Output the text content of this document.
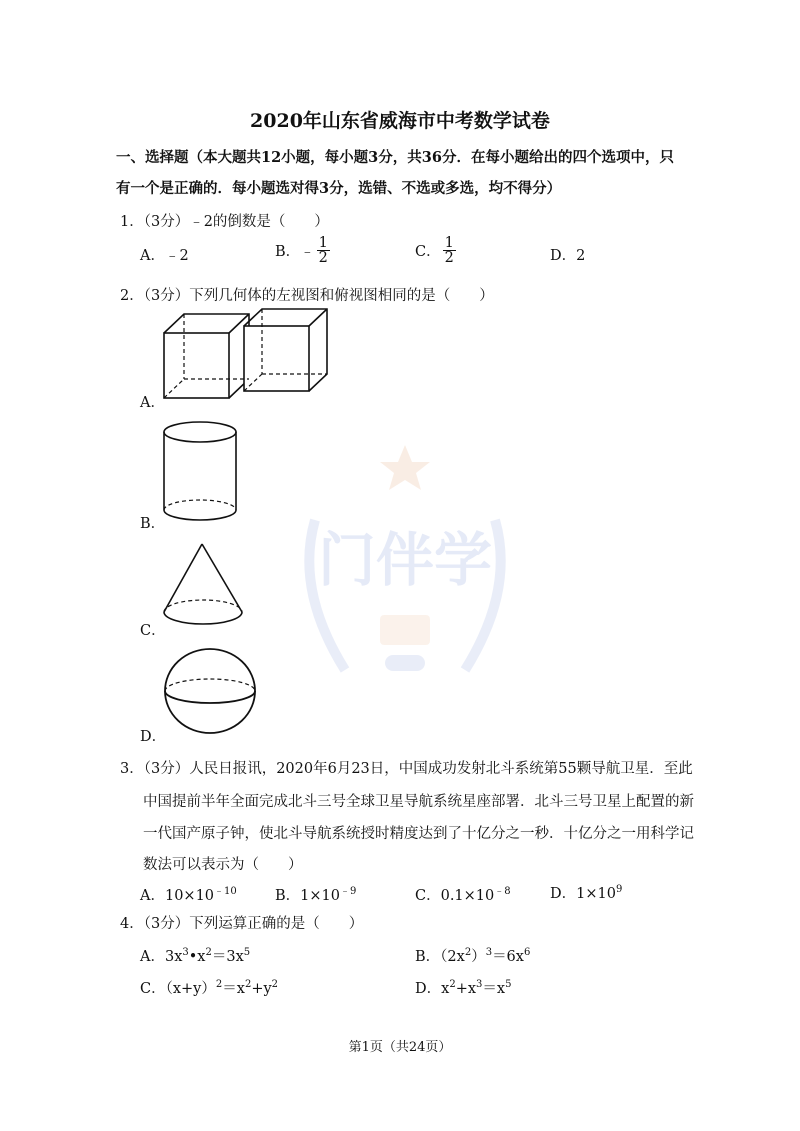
门伴学
2020年山东省威海市中考数学试卷
一、选择题（本大题共12小题，每小题3分，共36分．在每小题给出的四个选项中，只
有一个是正确的．每小题选对得3分，选错、不选或多选，均不得分）
1．（3分）﹣2的倒数是（　　）
A．﹣2	B．﹣ $\frac{1}{2}$	C． $\frac{1}{2}$	D．2
2．（3分）下列几何体的左视图和俯视图相同的是（　　）
A．
B．
C．
D．
3．（3分）人民日报讯，2020年6月23日，中国成功发射北斗系统第55颗导航卫星．至此
中国提前半年全面完成北斗三号全球卫星导航系统星座部署．北斗三号卫星上配置的新
一代国产原子钟，使北斗导航系统授时精度达到了十亿分之一秒．十亿分之一用科学记
数法可以表示为（　　）
A．$10\times 10^{﹣10}$	B．$1\times 10^{﹣9}$	C．$0.1\times 10^{﹣8}$	D．$1\times 10^9$
4．（3分）下列运算正确的是（　　）
A．$3x^3•x^2=3x^5$	B．$(2x^2)^3=6x^6$
C．$(x+y)^2=x^2+y^2$	D．$x^2+x^3=x^5$
第1页（共24页）
